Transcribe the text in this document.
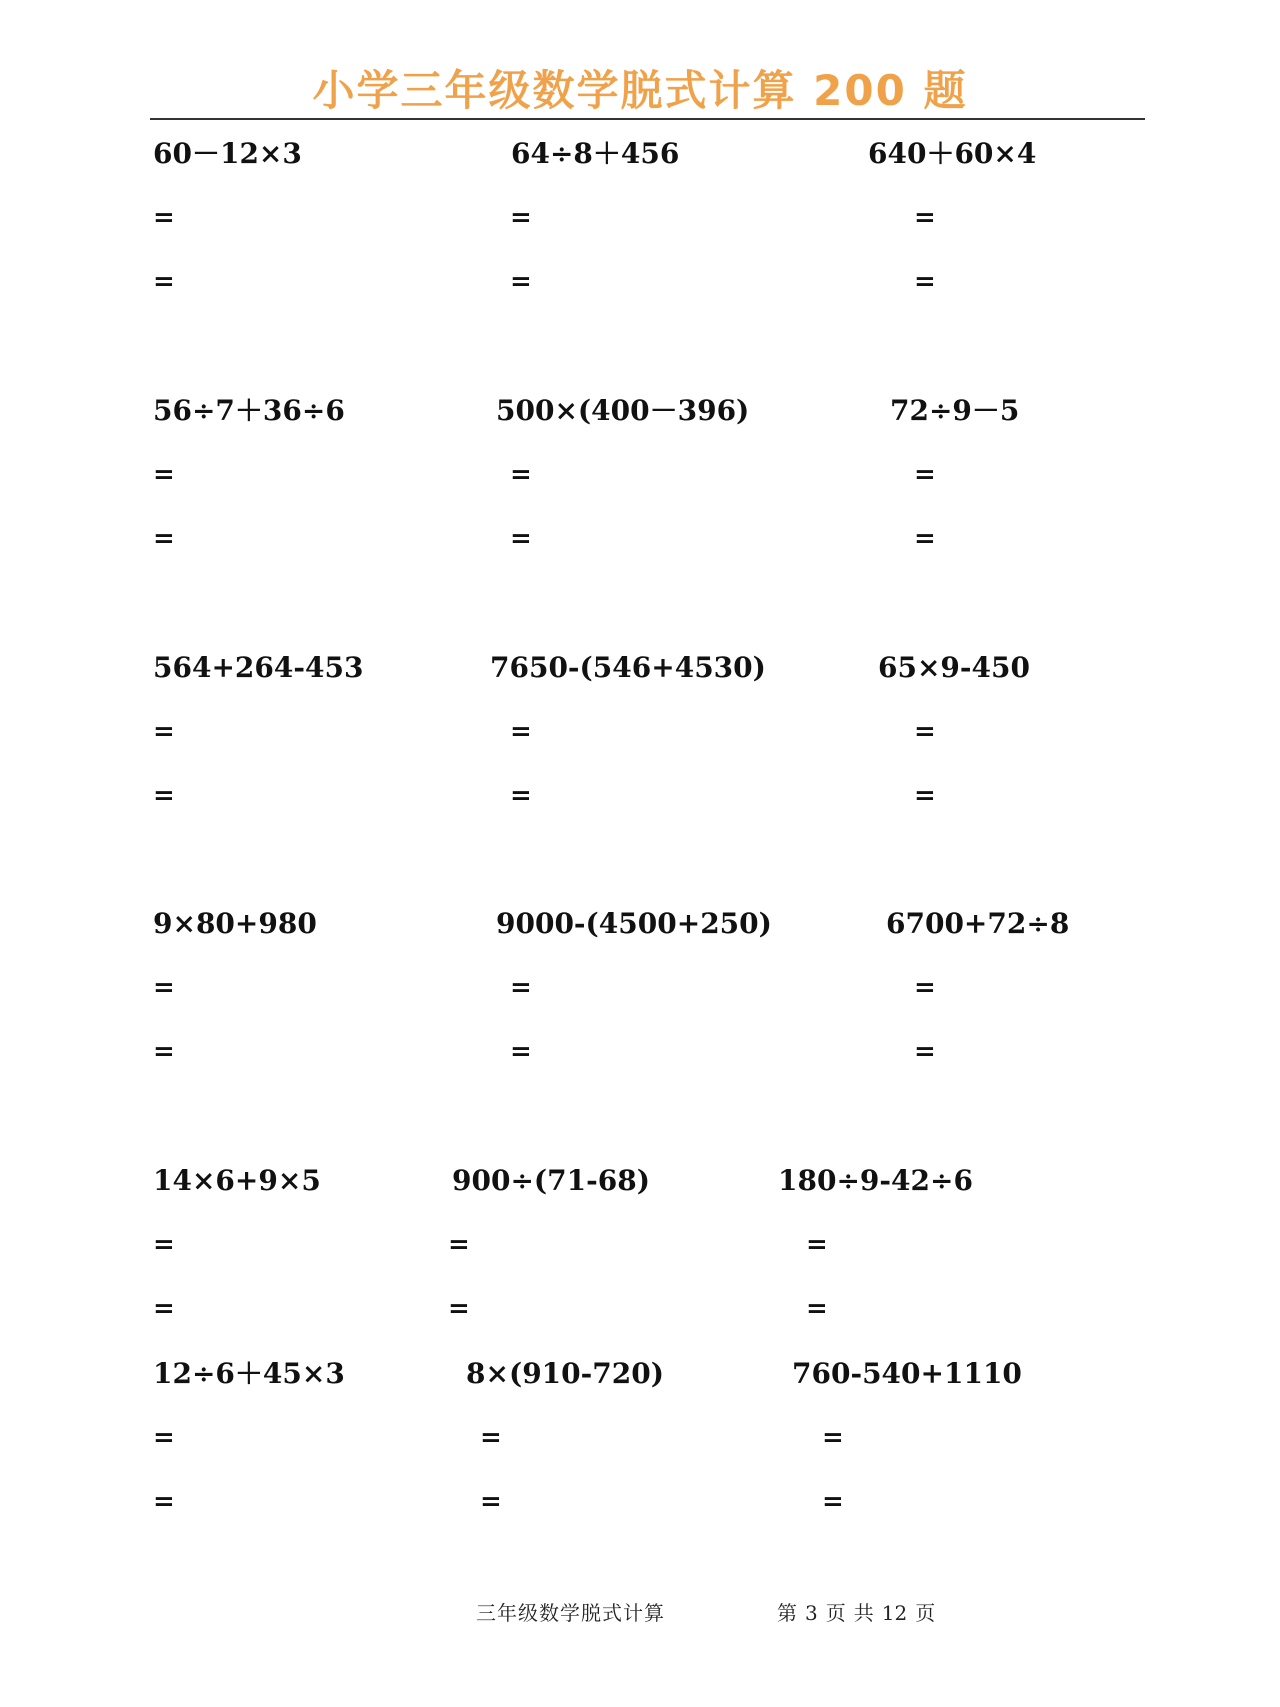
小学三年级数学脱式计算 200 题
60－12×3
=
=
64÷8＋456
=
=
640＋60×4
=
=
56÷7＋36÷6
=
=
500×(400－396)
=
=
72÷9－5
=
=
564+264-453
=
=
7650-(546+4530)
=
=
65×9-450
=
=
9×80+980
=
=
9000-(4500+250)
=
=
6700+72÷8
=
=
14×6+9×5
=
=
900÷(71-68)
=
=
180÷9-42÷6
=
=
12÷6＋45×3
=
=
8×(910-720)
=
=
760-540+1110
=
=
三年级数学脱式计算	第 3 页 共 12 页
